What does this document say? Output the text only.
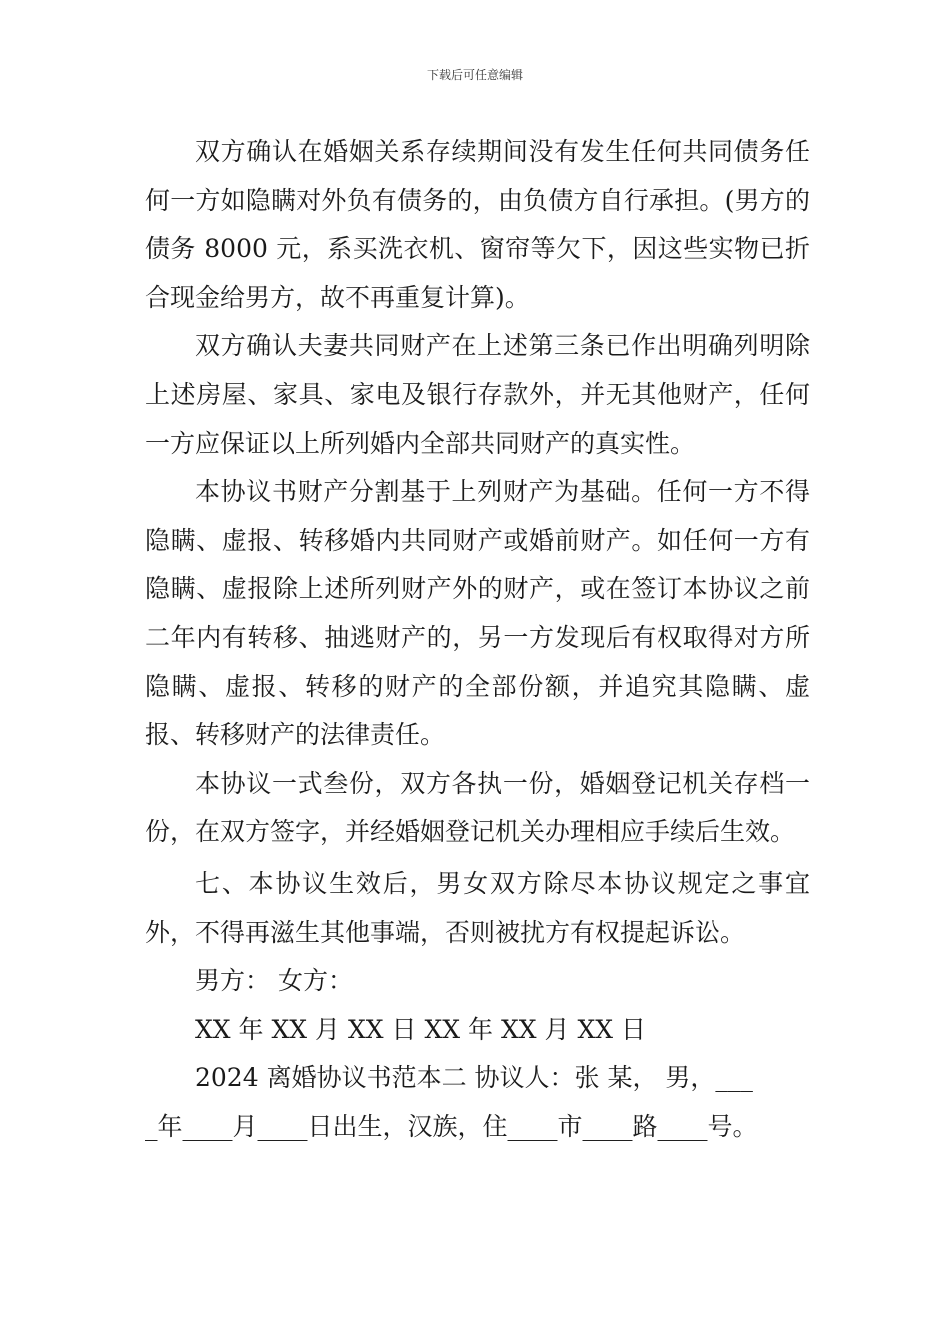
下载后可任意编辑

双方确认在婚姻关系存续期间没有发生任何共同债务任何一方如隐瞒对外负有债务的，由负债方自行承担。(男方的债务 8000 元，系买洗衣机、窗帘等欠下，因这些实物已折合现金给男方，故不再重复计算)。

双方确认夫妻共同财产在上述第三条已作出明确列明除上述房屋、家具、家电及银行存款外，并无其他财产，任何一方应保证以上所列婚内全部共同财产的真实性。

本协议书财产分割基于上列财产为基础。任何一方不得隐瞒、虚报、转移婚内共同财产或婚前财产。如任何一方有隐瞒、虚报除上述所列财产外的财产，或在签订本协议之前二年内有转移、抽逃财产的，另一方发现后有权取得对方所隐瞒、虚报、转移的财产的全部份额，并追究其隐瞒、虚报、转移财产的法律责任。

本协议一式叁份，双方各执一份，婚姻登记机关存档一份，在双方签字，并经婚姻登记机关办理相应手续后生效。

七、本协议生效后，男女双方除尽本协议规定之事宜外，不得再滋生其他事端，否则被扰方有权提起诉讼。

男方： 女方：

XX 年 XX 月 XX 日 XX 年 XX 月 XX 日

2024 离婚协议书范本二 协议人：张 某， 男，___

_年____月____日出生，汉族，住____市____路____号。
